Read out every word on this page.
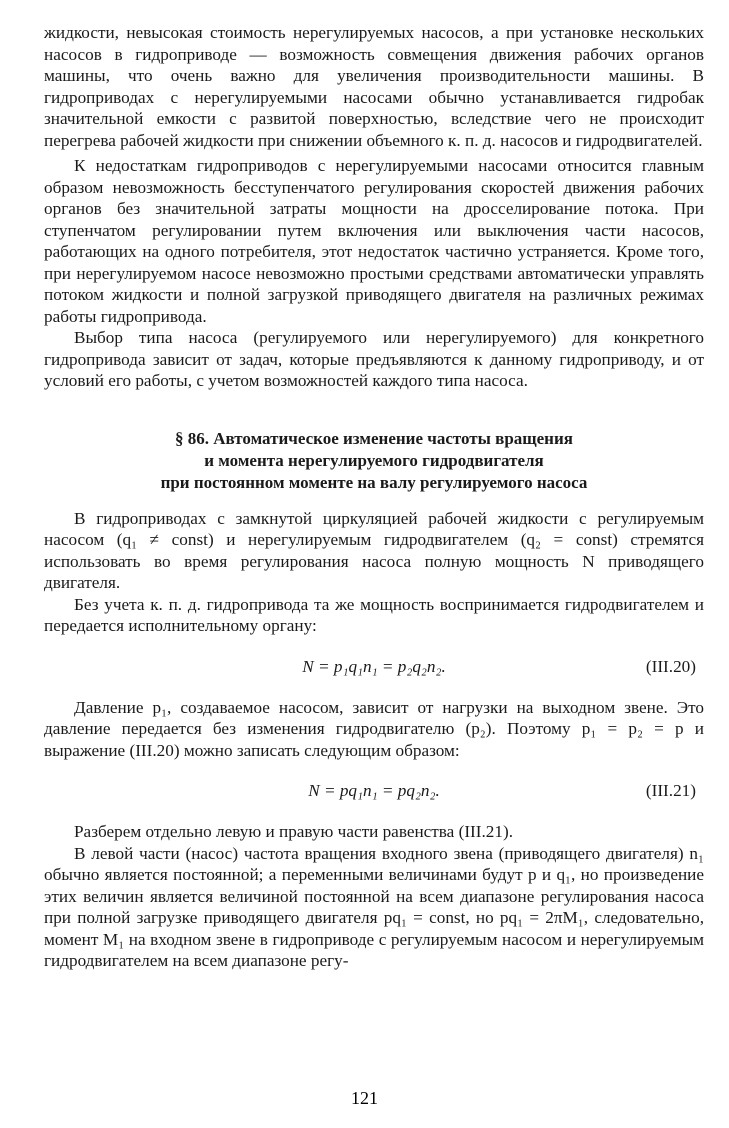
жидкости, невысокая стоимость нерегулируемых насосов, а при установке нескольких насосов в гидроприводе — возможность совмещения движения рабочих органов машины, что очень важно для увеличения производительности машины. В гидроприводах с нерегулируемыми насосами обычно устанавливается гидробак значительной емкости с развитой поверхностью, вследствие чего не происходит перегрева рабочей жидкости при снижении объемного к. п. д. насосов и гидродвигателей.

К недостаткам гидроприводов с нерегулируемыми насосами относится главным образом невозможность бесступенчатого регулирования скоростей движения рабочих органов без значительной затраты мощности на дросселирование потока. При ступенчатом регулировании путем включения или выключения части насосов, работающих на одного потребителя, этот недостаток частично устраняется. Кроме того, при нерегулируемом насосе невозможно простыми средствами автоматически управлять потоком жидкости и полной загрузкой приводящего двигателя на различных режимах работы гидропривода.

Выбор типа насоса (регулируемого или нерегулируемого) для конкретного гидропривода зависит от задач, которые предъявляются к данному гидроприводу, и от условий его работы, с учетом возможностей каждого типа насоса.

§ 86. Автоматическое изменение частоты вращения
и момента нерегулируемого гидродвигателя
при постоянном моменте на валу регулируемого насоса

В гидроприводах с замкнутой циркуляцией рабочей жидкости с регулируемым насосом (q₁ ≠ const) и нерегулируемым гидродвигателем (q₂ = const) стремятся использовать во время регулирования насоса полную мощность N приводящего двигателя.

Без учета к. п. д. гидропривода та же мощность воспринимается гидродвигателем и передается исполнительному органу:

N = p₁q₁n₁ = p₂q₂n₂.	(III.20)

Давление p₁, создаваемое насосом, зависит от нагрузки на выходном звене. Это давление передается без изменения гидродвигателю (p₂). Поэтому p₁ = p₂ = p и выражение (III.20) можно записать следующим образом:

N = pq₁n₁ = pq₂n₂.	(III.21)

Разберем отдельно левую и правую части равенства (III.21).

В левой части (насос) частота вращения входного звена (приводящего двигателя) n₁ обычно является постоянной; а переменными величинами будут p и q₁, но произведение этих величин является величиной постоянной на всем диапазоне регулирования насоса при полной загрузке приводящего двигателя pq₁ = const, но pq₁ = 2πM₁, следовательно, момент M₁ на входном звене в гидроприводе с регулируемым насосом и нерегулируемым гидродвигателем на всем диапазоне регу-

121
